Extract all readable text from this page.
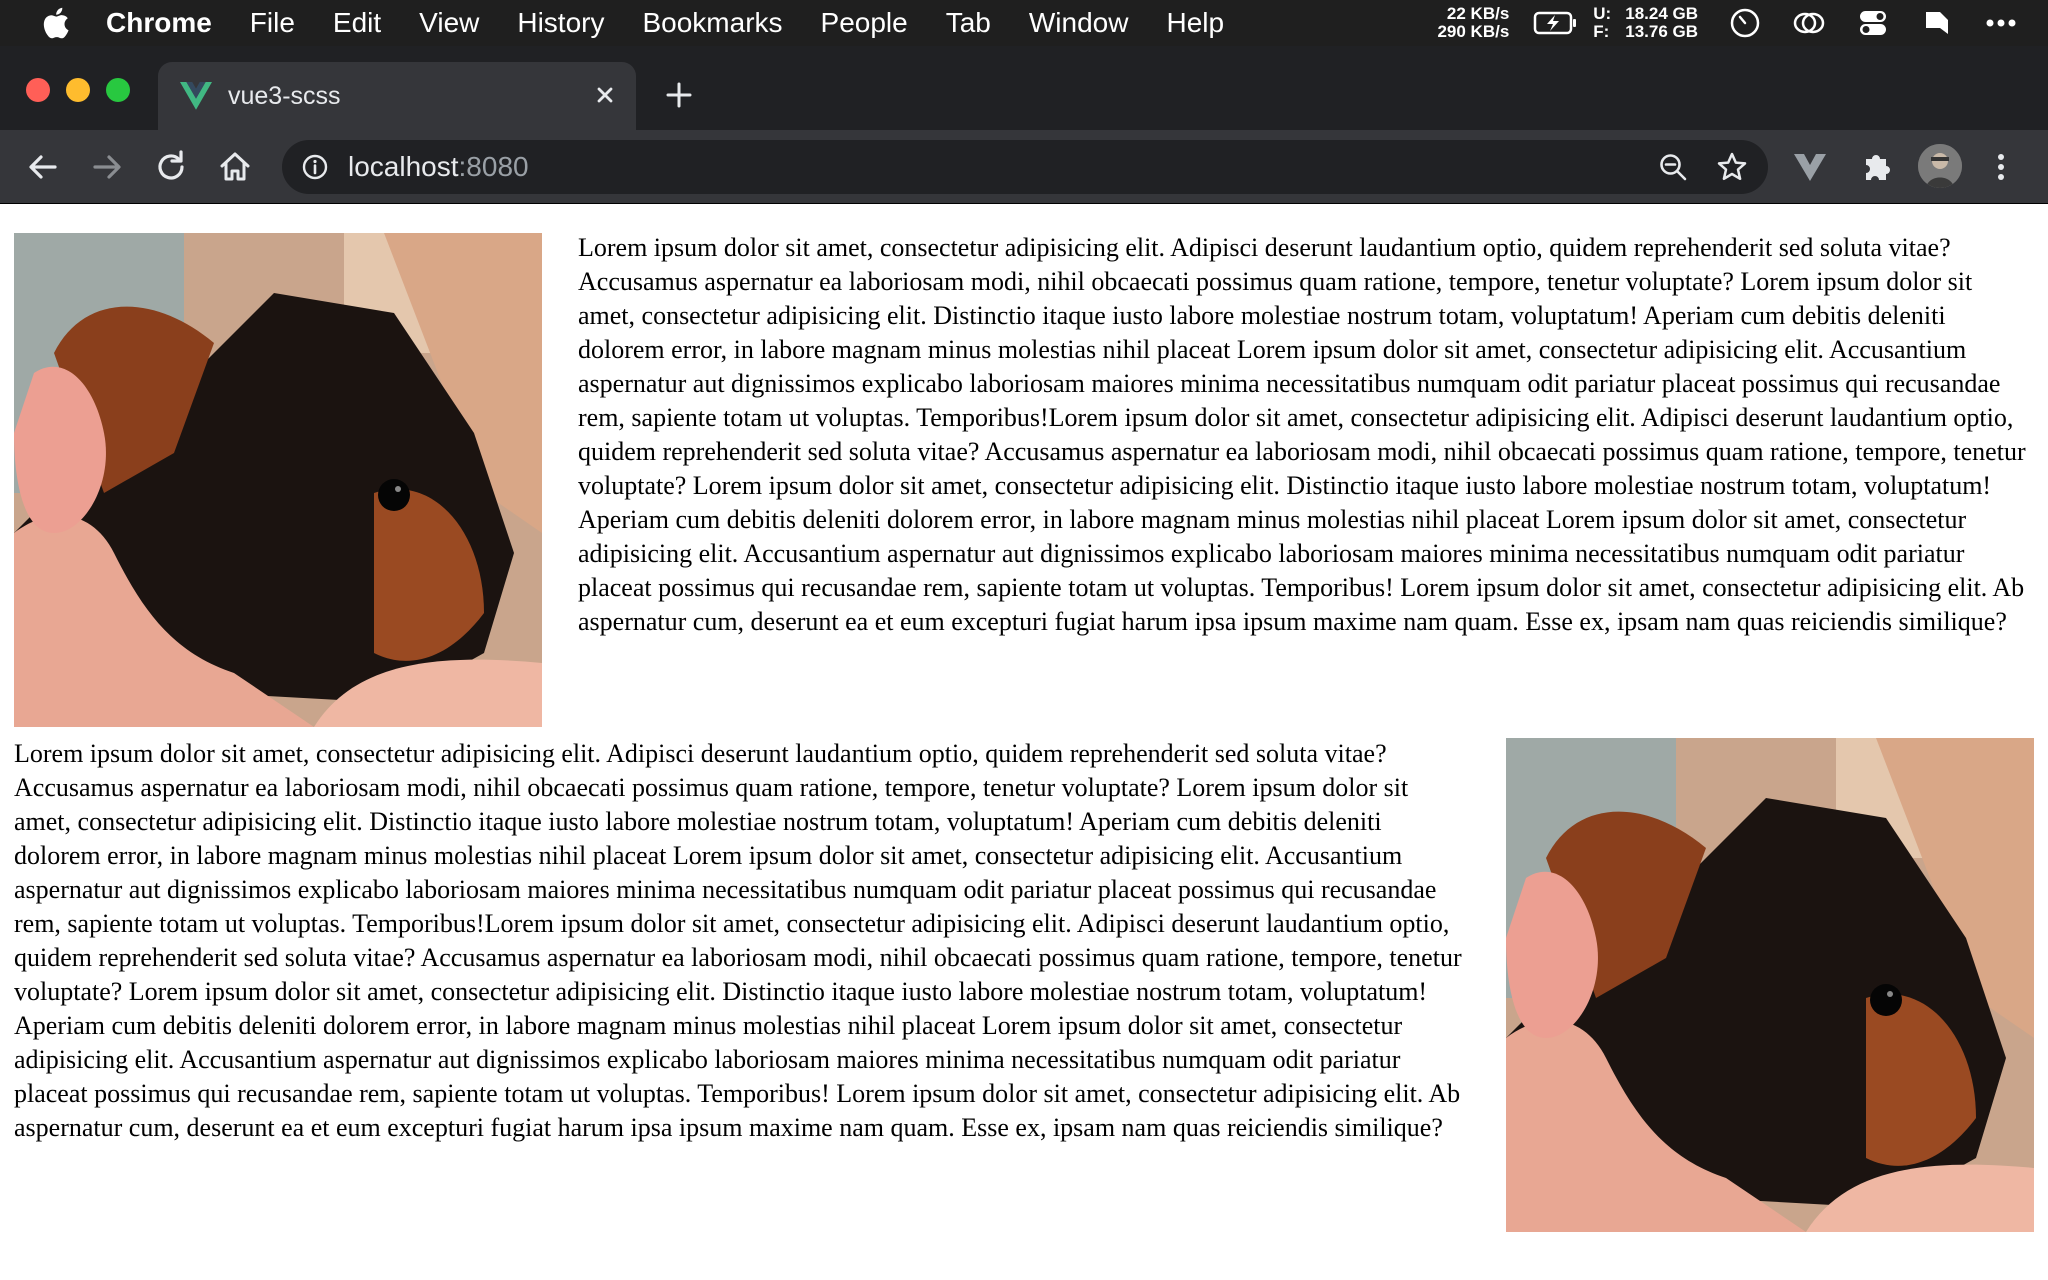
Chrome File Edit View History Bookmarks People Tab Window Help	22 KB/s
290 KB/s
U:
F:
18.24 GB
13.76 GB
vue3-scss
localhost:8080

Lorem ipsum dolor sit amet, consectetur adipisicing elit. Adipisci deserunt laudantium optio, quidem reprehenderit sed soluta vitae? Accusamus aspernatur ea laboriosam modi, nihil obcaecati possimus quam ratione, tempore, tenetur voluptate? Lorem ipsum dolor sit amet, consectetur adipisicing elit. Distinctio itaque iusto labore molestiae nostrum totam, voluptatum! Aperiam cum debitis deleniti dolorem error, in labore magnam minus molestias nihil placeat Lorem ipsum dolor sit amet, consectetur adipisicing elit. Accusantium aspernatur aut dignissimos explicabo laboriosam maiores minima necessitatibus numquam odit pariatur placeat possimus qui recusandae rem, sapiente totam ut voluptas. Temporibus!Lorem ipsum dolor sit amet, consectetur adipisicing elit. Adipisci deserunt laudantium optio, quidem reprehenderit sed soluta vitae? Accusamus aspernatur ea laboriosam modi, nihil obcaecati possimus quam ratione, tempore, tenetur voluptate? Lorem ipsum dolor sit amet, consectetur adipisicing elit. Distinctio itaque iusto labore molestiae nostrum totam, voluptatum! Aperiam cum debitis deleniti dolorem error, in labore magnam minus molestias nihil placeat Lorem ipsum dolor sit amet, consectetur adipisicing elit. Accusantium aspernatur aut dignissimos explicabo laboriosam maiores minima necessitatibus numquam odit pariatur placeat possimus qui recusandae rem, sapiente totam ut voluptas. Temporibus! Lorem ipsum dolor sit amet, consectetur adipisicing elit. Ab aspernatur cum, deserunt ea et eum excepturi fugiat harum ipsa ipsum maxime nam quam. Esse ex, ipsam nam quas reiciendis similique?

Lorem ipsum dolor sit amet, consectetur adipisicing elit. Adipisci deserunt laudantium optio, quidem reprehenderit sed soluta vitae? Accusamus aspernatur ea laboriosam modi, nihil obcaecati possimus quam ratione, tempore, tenetur voluptate? Lorem ipsum dolor sit amet, consectetur adipisicing elit. Distinctio itaque iusto labore molestiae nostrum totam, voluptatum! Aperiam cum debitis deleniti dolorem error, in labore magnam minus molestias nihil placeat Lorem ipsum dolor sit amet, consectetur adipisicing elit. Accusantium aspernatur aut dignissimos explicabo laboriosam maiores minima necessitatibus numquam odit pariatur placeat possimus qui recusandae rem, sapiente totam ut voluptas. Temporibus!Lorem ipsum dolor sit amet, consectetur adipisicing elit. Adipisci deserunt laudantium optio, quidem reprehenderit sed soluta vitae? Accusamus aspernatur ea laboriosam modi, nihil obcaecati possimus quam ratione, tempore, tenetur voluptate? Lorem ipsum dolor sit amet, consectetur adipisicing elit. Distinctio itaque iusto labore molestiae nostrum totam, voluptatum! Aperiam cum debitis deleniti dolorem error, in labore magnam minus molestias nihil placeat Lorem ipsum dolor sit amet, consectetur adipisicing elit. Accusantium aspernatur aut dignissimos explicabo laboriosam maiores minima necessitatibus numquam odit pariatur placeat possimus qui recusandae rem, sapiente totam ut voluptas. Temporibus! Lorem ipsum dolor sit amet, consectetur adipisicing elit. Ab aspernatur cum, deserunt ea et eum excepturi fugiat harum ipsa ipsum maxime nam quam. Esse ex, ipsam nam quas reiciendis similique?
